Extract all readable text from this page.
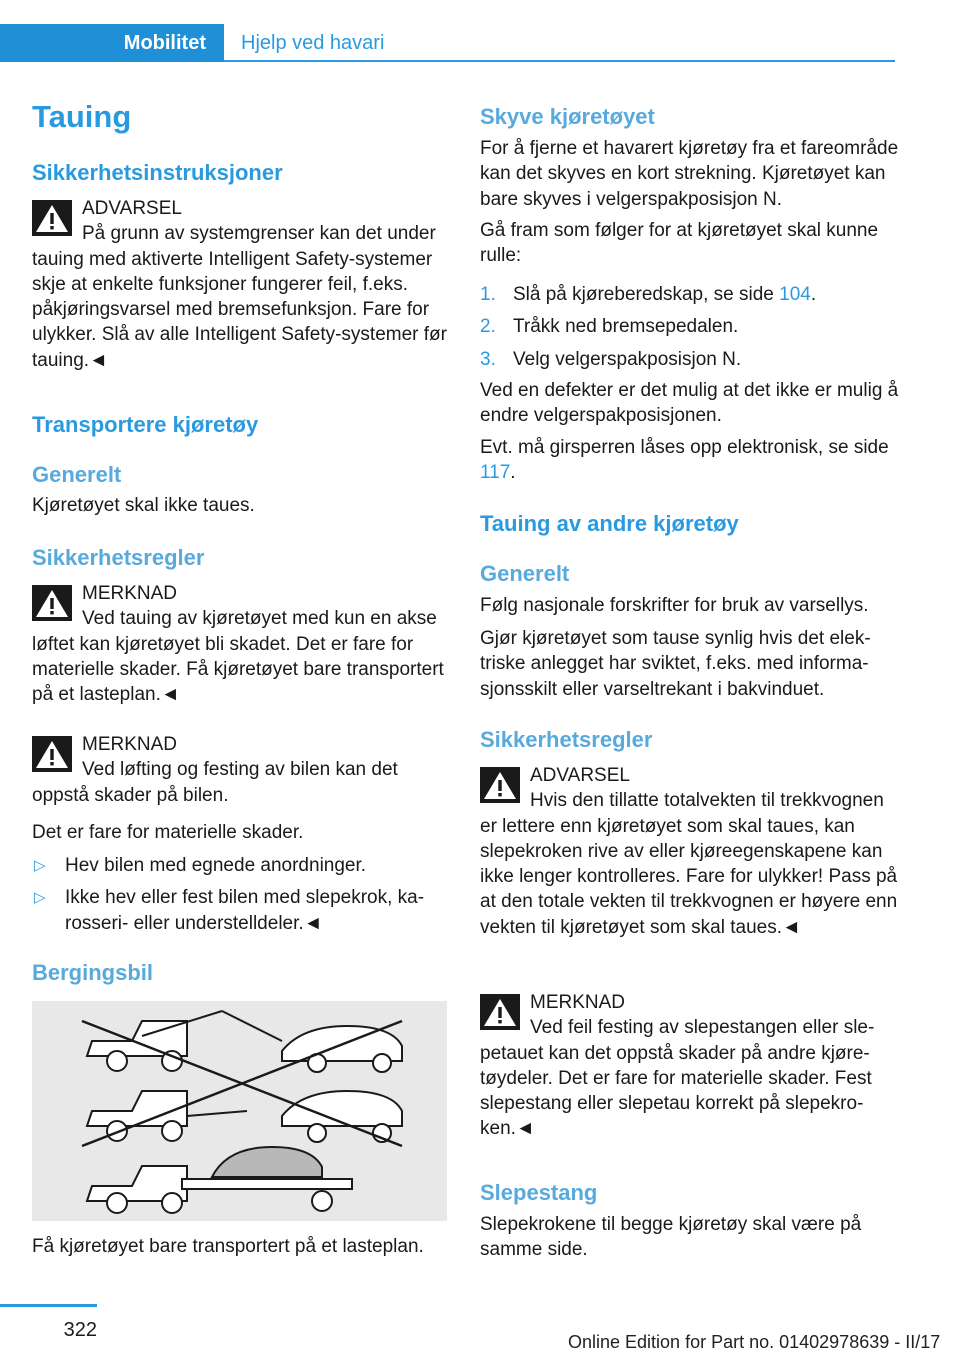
Mobilitet	Hjelp ved havari
Tauing
Sikkerhetsinstruksjoner
ADVARSEL
På grunn av systemgrenser kan det under tauing med aktiverte Intelligent Safety-systemer skje at enkelte funksjoner fungerer feil, f.eks. påkjøringsvarsel med bremsefunksjon. Fare for ulykker. Slå av alle Intelligent Safety-systemer før tauing.◄
Transportere kjøretøy
Generelt
Kjøretøyet skal ikke taues.
Sikkerhetsregler
MERKNAD
Ved tauing av kjøretøyet med kun en akse løftet kan kjøretøyet bli skadet. Det er fare for materielle skader. Få kjøretøyet bare transportert på et lasteplan.◄
MERKNAD
Ved løfting og festing av bilen kan det oppstå skader på bilen.
Det er fare for materielle skader.
▷ Hev bilen med egnede anordninger.
▷ Ikke hev eller fest bilen med slepekrok, karosseri- eller understelldeler.◄
Bergingsbil
Få kjøretøyet bare transportert på et lasteplan.
Skyve kjøretøyet
For å fjerne et havarert kjøretøy fra et fareområde kan det skyves en kort strekning. Kjøretøyet kan bare skyves i velgerspakposisjon N.
Gå fram som følger for at kjøretøyet skal kunne rulle:
1. Slå på kjøreberedskap, se side 104.
2. Tråkk ned bremsepedalen.
3. Velg velgerspakposisjon N.
Ved en defekter er det mulig at det ikke er mulig å endre velgerspakposisjonen.
Evt. må girsperren låses opp elektronisk, se side 117.
Tauing av andre kjøretøy
Generelt
Følg nasjonale forskrifter for bruk av varsellys.
Gjør kjøretøyet som tause synlig hvis det elektriske anlegget har sviktet, f.eks. med informasjonsskilt eller varseltrekant i bakvinduet.
Sikkerhetsregler
ADVARSEL
Hvis den tillatte totalvekten til trekkvognen er lettere enn kjøretøyet som skal taues, kan slepekroken rive av eller kjøreegenskapene kan ikke lenger kontrolleres. Fare for ulykker! Pass på at den totale vekten til trekkvognen er høyere enn vekten til kjøretøyet som skal taues.◄
MERKNAD
Ved feil festing av slepestangen eller slepetauet kan det oppstå skader på andre kjøretøydeler. Det er fare for materielle skader. Fest slepestang eller slepetau korrekt på slepekroken.◄
Slepestang
Slepekrokene til begge kjøretøy skal være på samme side.
322
Online Edition for Part no. 01402978639 - II/17
